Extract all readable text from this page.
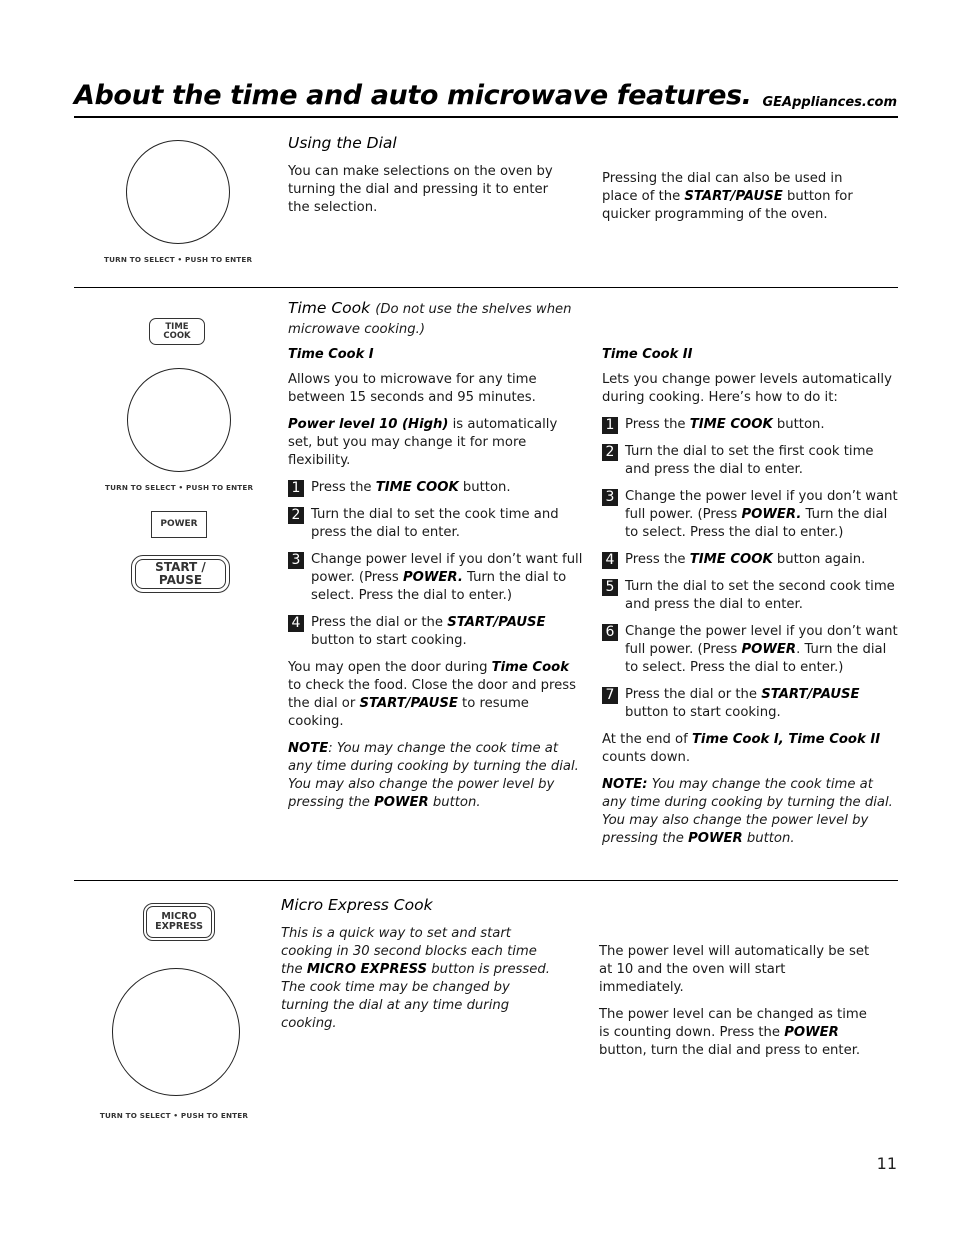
About the time and auto microwave features. GEAppliances.com
TURN TO SELECT • PUSH TO ENTER
Using the Dial
You can make selections on the oven by turning the dial and pressing it to enter the selection.
Pressing the dial can also be used in place of the START/PAUSE button for quicker programming of the oven.
TIME
COOK
TURN TO SELECT • PUSH TO ENTER
POWER
START / PAUSE
Time Cook (Do not use the shelves when microwave cooking.)
Time Cook I
Allows you to microwave for any time between 15 seconds and 95 minutes.
Power level 10 (High) is automatically set, but you may change it for more flexibility.
1 Press the TIME COOK button.
2 Turn the dial to set the cook time and press the dial to enter.
3 Change power level if you don’t want full power. (Press POWER. Turn the dial to select. Press the dial to enter.)
4 Press the dial or the START/PAUSE button to start cooking.
You may open the door during Time Cook to check the food. Close the door and press the dial or START/PAUSE to resume cooking.
NOTE: You may change the cook time at any time during cooking by turning the dial. You may also change the power level by pressing the POWER button.
Time Cook II
Lets you change power levels automatically during cooking. Here’s how to do it:
1 Press the TIME COOK button.
2 Turn the dial to set the first cook time and press the dial to enter.
3 Change the power level if you don’t want full power. (Press POWER. Turn the dial to select. Press the dial to enter.)
4 Press the TIME COOK button again.
5 Turn the dial to set the second cook time and press the dial to enter.
6 Change the power level if you don’t want full power. (Press POWER. Turn the dial to select. Press the dial to enter.)
7 Press the dial or the START/PAUSE button to start cooking.
At the end of Time Cook I, Time Cook II counts down.
NOTE: You may change the cook time at any time during cooking by turning the dial. You may also change the power level by pressing the POWER button.
MICRO
EXPRESS
TURN TO SELECT • PUSH TO ENTER
Micro Express Cook
This is a quick way to set and start cooking in 30 second blocks each time the MICRO EXPRESS button is pressed. The cook time may be changed by turning the dial at any time during cooking.
The power level will automatically be set at 10 and the oven will start immediately.
The power level can be changed as time is counting down. Press the POWER button, turn the dial and press to enter.
11
